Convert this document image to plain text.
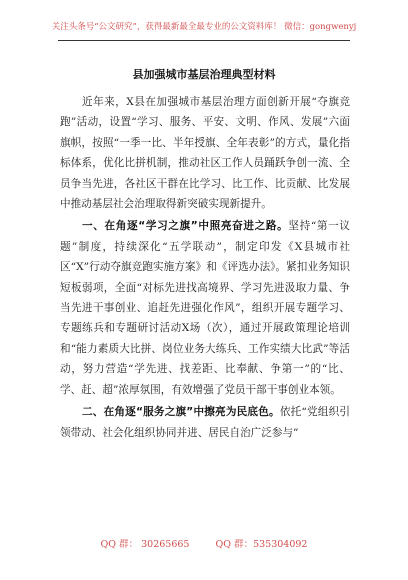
关注头条号“公文研究”，获得最新最全最专业的公文资料库！ 微信：gongwenyj
县加强城市基层治理典型材料

近年来，X县在加强城市基层治理方面创新开展“夺旗竞跑”活动，设置“学习、服务、平安、文明、作风、发展”六面旗帜，按照“一季一比、半年授旗、全年表彰”的方式，量化指标体系，优化比拼机制，推动社区工作人员踊跃争创一流、全员争当先进，各社区干群在比学习、比工作、比贡献、比发展中推动基层社会治理取得新突破实现新提升。

一、在角逐“学习之旗”中照亮奋进之路。坚持“第一议题”制度，持续深化“五学联动”，制定印发《X县城市社区“X”行动夺旗竞跑实施方案》和《评选办法》。紧扣业务知识短板弱项，全面“对标先进找高境界、学习先进汲取力量、争当先进干事创业、追赶先进强化作风”，组织开展专题学习、专题练兵和专题研讨活动X场（次），通过开展政策理论培训和“能力素质大比拼、岗位业务大练兵、工作实绩大比武”等活动，努力营造“学先进、找差距、比奉献、争第一”的“比、学、赶、超”浓厚氛围，有效增强了党员干部干事创业本领。

二、在角逐“服务之旗”中擦亮为民底色。依托“党组织引领带动、社会化组织协同并进、居民自治广泛参与”

QQ 群： 30265665	QQ 群：535304092
